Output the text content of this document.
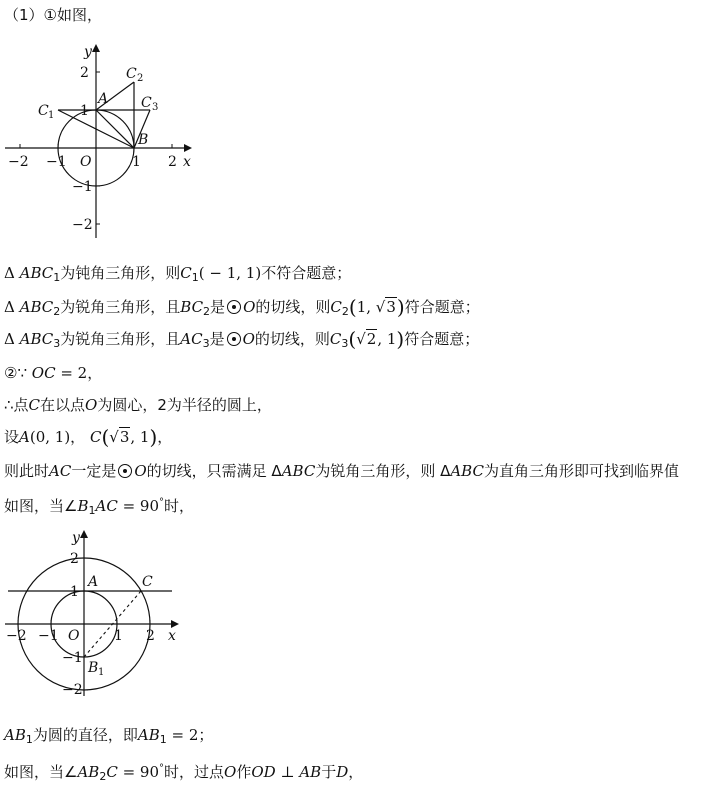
（1）①如图，
−2 −1	1 2
2
1
−1
−2
O
y
x
A
B
C 1
C 2
C 3
Δ $ABC_1$为钝角三角形，则$C_1( - 1$, 1)不符合题意；
Δ $ABC_2$为锐角三角形，且$BC_2$是 O的切线，则$C_2(1$, √3)符合题意；
Δ $ABC_3$为锐角三角形，且$AC_3$是 O的切线，则$C_3(√2$, 1)符合题意；
②∵ OC = 2，
∴点C在以点O为圆心，2为半径的圆上，
设A(0, 1)， C(√3, 1)，
则此时AC一定是 O的切线，只需满足 ΔABC为锐角三角形，则 ΔABC为直角三角形即可找到临界值
如图，当$\angle B_1AC = 90^\circ$时，
−2 −1	1 2
2
1
−1
−2
O
y
x
A	C
B 1
$AB_1$为圆的直径，即$AB_1 = 2$；
如图，当$\angle AB_2C = 90^\circ$时，过点O作OD ⊥ AB于D，
